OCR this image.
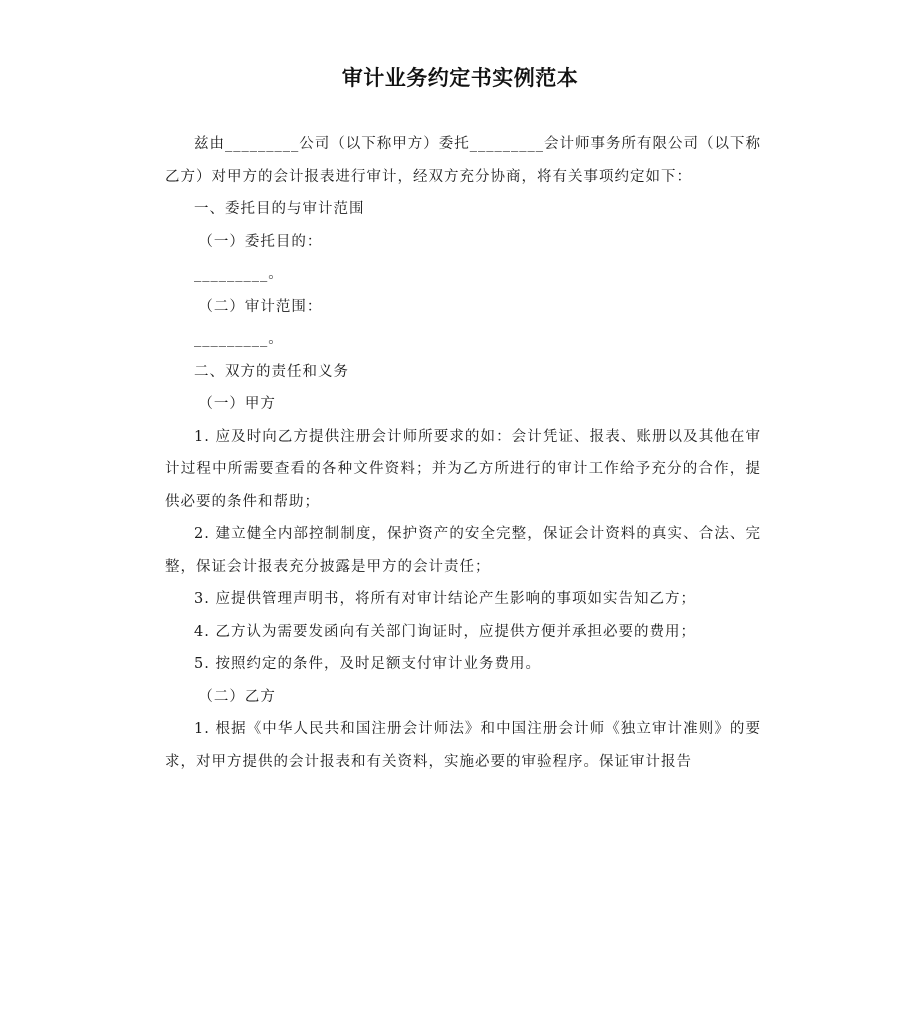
审计业务约定书实例范本

兹由_________公司（以下称甲方）委托_________会计师事务所有限公司（以下称乙方）对甲方的会计报表进行审计，经双方充分协商，将有关事项约定如下：

一、委托目的与审计范围

（一）委托目的：

_________。

（二）审计范围：

_________。

二、双方的责任和义务

（一）甲方

1. 应及时向乙方提供注册会计师所要求的如：会计凭证、报表、账册以及其他在审计过程中所需要查看的各种文件资料；并为乙方所进行的审计工作给予充分的合作，提供必要的条件和帮助；

2. 建立健全内部控制制度，保护资产的安全完整，保证会计资料的真实、合法、完整，保证会计报表充分披露是甲方的会计责任；

3. 应提供管理声明书，将所有对审计结论产生影响的事项如实告知乙方；

4. 乙方认为需要发函向有关部门询证时，应提供方便并承担必要的费用；

5. 按照约定的条件，及时足额支付审计业务费用。

（二）乙方

1. 根据《中华人民共和国注册会计师法》和中国注册会计师《独立审计准则》的要求，对甲方提供的会计报表和有关资料，实施必要的审验程序。保证审计报告
